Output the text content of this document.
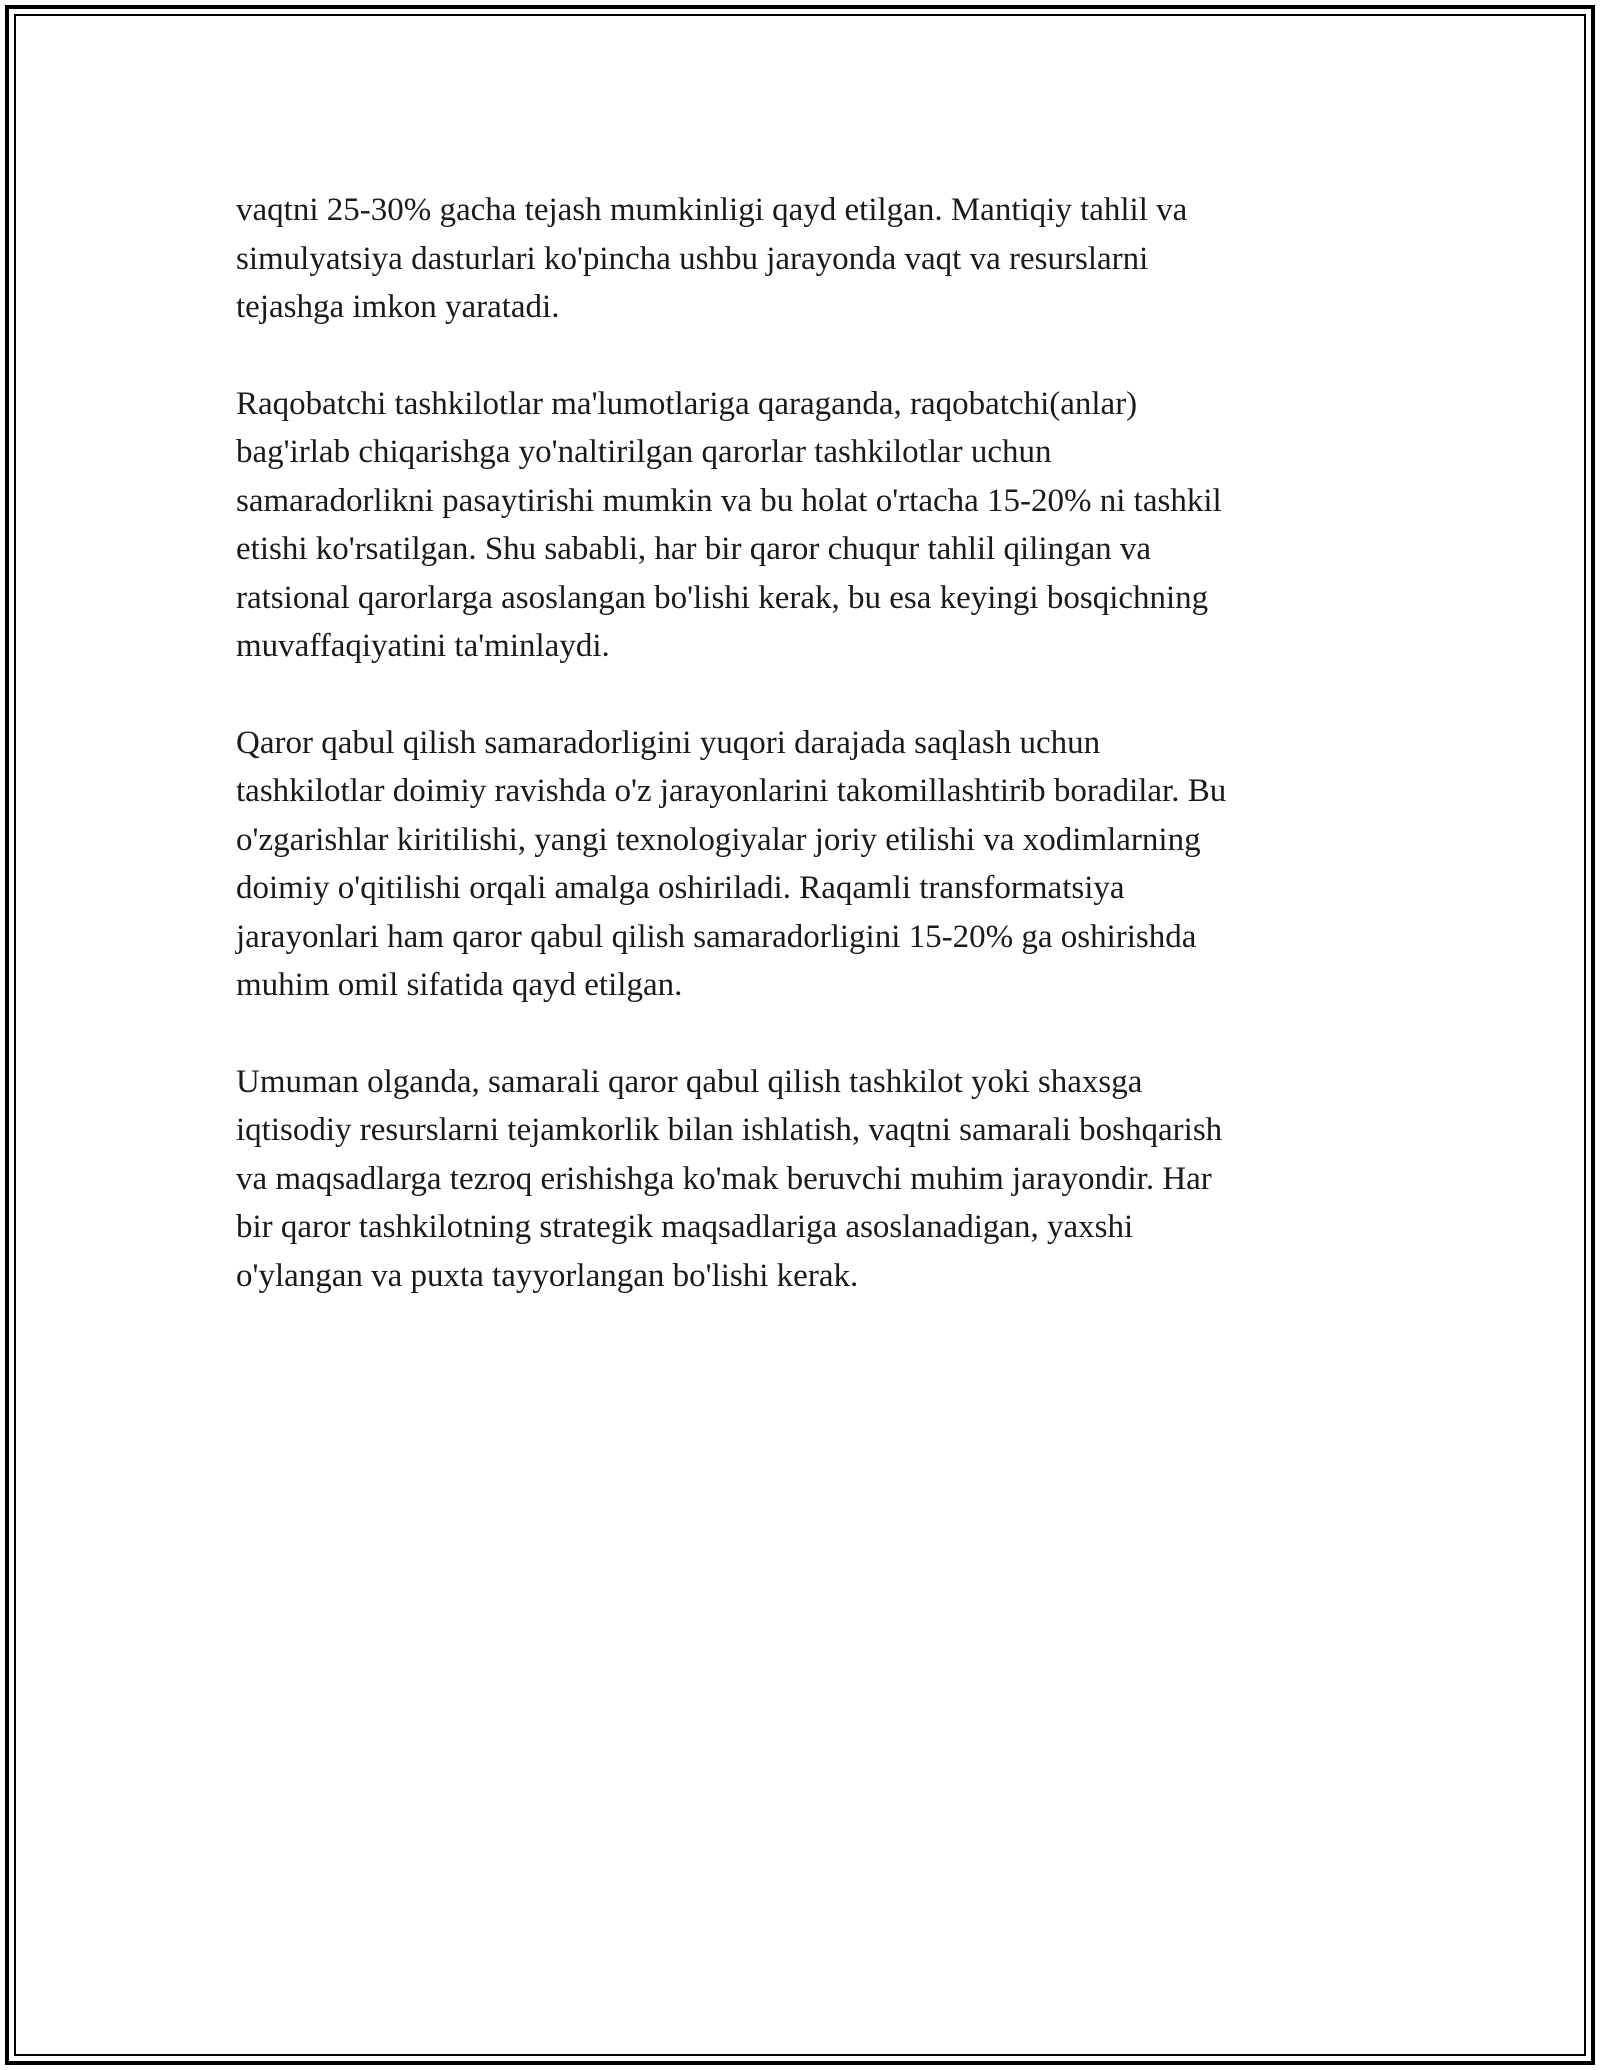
vaqtni 25-30% gacha tejash mumkinligi qayd etilgan. Mantiqiy tahlil va
simulyatsiya dasturlari ko'pincha ushbu jarayonda vaqt va resurslarni
tejashga imkon yaratadi.

Raqobatchi tashkilotlar ma'lumotlariga qaraganda, raqobatchi(anlar)
bag'irlab chiqarishga yo'naltirilgan qarorlar tashkilotlar uchun
samaradorlikni pasaytirishi mumkin va bu holat o'rtacha 15-20% ni tashkil
etishi ko'rsatilgan. Shu sababli, har bir qaror chuqur tahlil qilingan va
ratsional qarorlarga asoslangan bo'lishi kerak, bu esa keyingi bosqichning
muvaffaqiyatini ta'minlaydi.

Qaror qabul qilish samaradorligini yuqori darajada saqlash uchun
tashkilotlar doimiy ravishda o'z jarayonlarini takomillashtirib boradilar. Bu
o'zgarishlar kiritilishi, yangi texnologiyalar joriy etilishi va xodimlarning
doimiy o'qitilishi orqali amalga oshiriladi. Raqamli transformatsiya
jarayonlari ham qaror qabul qilish samaradorligini 15-20% ga oshirishda
muhim omil sifatida qayd etilgan.

Umuman olganda, samarali qaror qabul qilish tashkilot yoki shaxsga
iqtisodiy resurslarni tejamkorlik bilan ishlatish, vaqtni samarali boshqarish
va maqsadlarga tezroq erishishga ko'mak beruvchi muhim jarayondir. Har
bir qaror tashkilotning strategik maqsadlariga asoslanadigan, yaxshi
o'ylangan va puxta tayyorlangan bo'lishi kerak.
